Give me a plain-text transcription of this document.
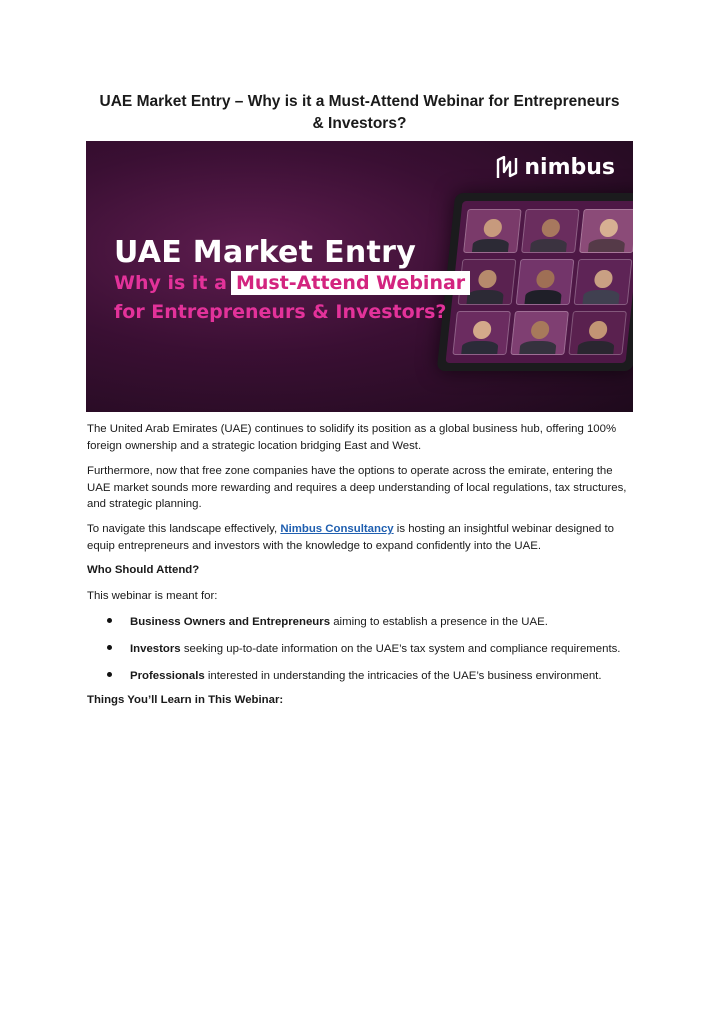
UAE Market Entry – Why is it a Must-Attend Webinar for Entrepreneurs & Investors?
nimbus
UAE Market Entry
Why is it a Must-Attend Webinar
for Entrepreneurs & Investors?

The United Arab Emirates (UAE) continues to solidify its position as a global business hub, offering 100% foreign ownership and a strategic location bridging East and West.

Furthermore, now that free zone companies have the options to operate across the emirate, entering the UAE market sounds more rewarding and requires a deep understanding of local regulations, tax structures, and strategic planning.

To navigate this landscape effectively, Nimbus Consultancy is hosting an insightful webinar designed to equip entrepreneurs and investors with the knowledge to expand confidently into the UAE.

Who Should Attend?

This webinar is meant for:

Business Owners and Entrepreneurs aiming to establish a presence in the UAE.
Investors seeking up-to-date information on the UAE’s tax system and compliance requirements.
Professionals interested in understanding the intricacies of the UAE’s business environment.

Things You’ll Learn in This Webinar:
